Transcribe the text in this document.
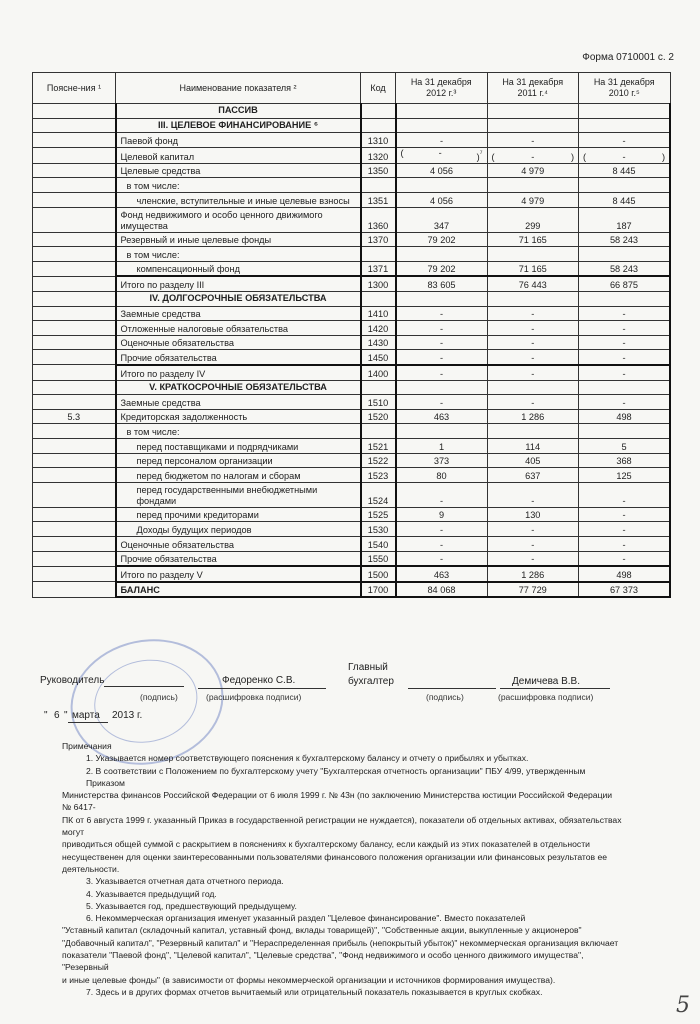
Форма 0710001 с. 2
Поясне-ния ¹	Наименование показателя ²	Код	На 31 декабря 2012 г.³	На 31 декабря 2011 г.⁴	На 31 декабря 2010 г.⁵
	ПАССИВ				
	III. ЦЕЛЕВОЕ ФИНАНСИРОВАНИЕ ⁶				
	Паевой фонд	1310	-	-	-
	Целевой капитал	1320	( - )$^{^7}$	( - )	( - )

	Целевые средства	1350	4 056	4 979	8 445
	в том числе:				
	членские, вступительные и иные целевые взносы	1351	4 056	4 979	8 445
	Фонд недвижимого и особо ценного движимого имущества	1360	347	299	187
	Резервный и иные целевые фонды	1370	79 202	71 165	58 243
	в том числе:				
	компенсационный фонд	1371	79 202	71 165	58 243
	Итого по разделу III	1300	83 605	76 443	66 875
	IV. ДОЛГОСРОЧНЫЕ ОБЯЗАТЕЛЬСТВА				
	Заемные средства	1410	-	-	-
	Отложенные налоговые обязательства	1420	-	-	-
	Оценочные обязательства	1430	-	-	-
	Прочие обязательства	1450	-	-	-
	Итого по разделу IV	1400	-	-	-
	V. КРАТКОСРОЧНЫЕ ОБЯЗАТЕЛЬСТВА				
	Заемные средства	1510	-	-	-
5.3	Кредиторская задолженность	1520	463	1 286	498
	в том числе:				
	перед поставщиками и подрядчиками	1521	1	114	5
	перед персоналом организации	1522	373	405	368
	перед бюджетом по налогам и сборам	1523	80	637	125
	перед государственными внебюджетными фондами	1524	-	-	-
	перед прочими кредиторами	1525	9	130	-
	Доходы будущих периодов	1530	-	-	-
	Оценочные обязательства	1540	-	-	-
	Прочие обязательства	1550	-	-	-
	Итого по разделу V	1500	463	1 286	498
	БАЛАНС	1700	84 068	77 729	67 373
Руководитель
(подпись)
Федоренко С.В.
(расшифровка подписи)
Главный
бухгалтер
(подпись)
Демичева В.В.
(расшифровка подписи)
" 6 " марта 2013 г.

Примечания

1. Указывается номер соответствующего пояснения к бухгалтерскому балансу и отчету о прибылях и убытках.

2. В соответствии с Положением по бухгалтерскому учету "Бухгалтерская отчетность организации" ПБУ 4/99, утвержденным Приказом

Министерства финансов Российской Федерации от 6 июля 1999 г. № 43н (по заключению Министерства юстиции Российской Федерации № 6417-

ПК от 6 августа 1999 г. указанный Приказ в государственной регистрации не нуждается), показатели об отдельных активах, обязательствах могут

приводиться общей суммой с раскрытием в пояснениях к бухгалтерскому балансу, если каждый из этих показателей в отдельности

несущественен для оценки заинтересованными пользователями финансового положения организации или финансовых результатов ее

деятельности.

3. Указывается отчетная дата отчетного периода.

4. Указывается предыдущий год.

5. Указывается год, предшествующий предыдущему.

6. Некоммерческая организация именует указанный раздел "Целевое финансирование". Вместо показателей

"Уставный капитал (складочный капитал, уставный фонд, вклады товарищей)", "Собственные акции, выкупленные у акционеров"

"Добавочный капитал", "Резервный капитал" и "Нераспределенная прибыль (непокрытый убыток)" некоммерческая организация включает

показатели "Паевой фонд", "Целевой капитал", "Целевые средства", "Фонд недвижимого и особо ценного движимого имущества", "Резервный

и иные целевые фонды" (в зависимости от формы некоммерческой организации и источников формирования имущества).

7. Здесь и в других формах отчетов вычитаемый или отрицательный показатель показывается в круглых скобках.

5
